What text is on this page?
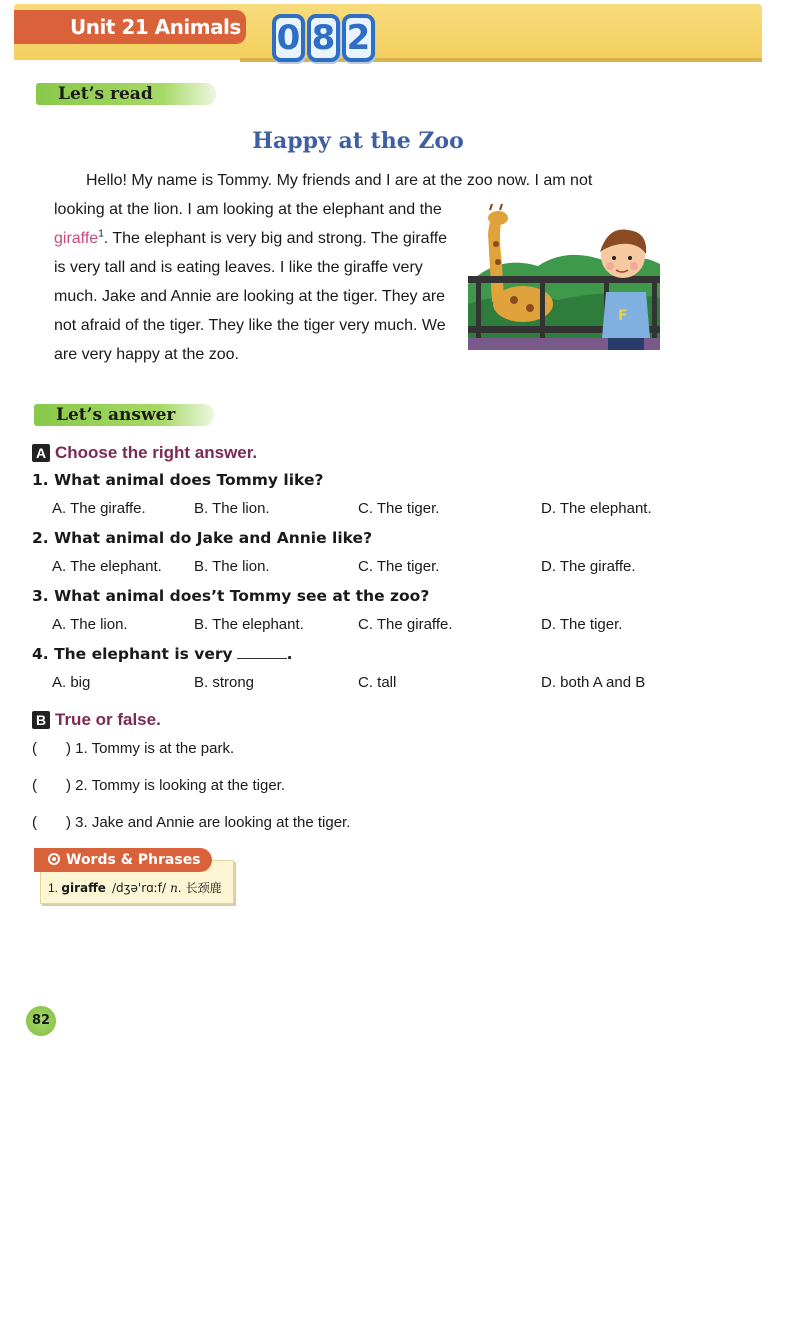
Unit 21 Animals 0 8 2
Let’s read
Happy at the Zoo

Hello! My name is Tommy. My friends and I are at the zoo now. I am not

looking at the lion. I am looking at the elephant and the giraffe$^1$. The elephant is very big and strong. The giraffe is very tall and is eating leaves. I like the giraffe very much. Jake and Annie are looking at the tiger. They are not afraid of the tiger. They like the tiger very much. We are very happy at the zoo.

F
Let’s answer
A Choose the right answer.
1. What animal does Tommy like?
A. The giraffe.	B. The lion.	C. The tiger.	D. The elephant.
2. What animal do Jake and Annie like?
A. The elephant. B. The lion.	C. The tiger.	D. The giraffe.
3. What animal does’t Tommy see at the zoo?
A. The lion.	B. The elephant.	C. The giraffe.	D. The tiger.
4. The elephant is very	.
A. big	B. strong	C. tall	D. both A and B
B True or false.
( ) 1. Tommy is at the park.
( ) 2. Tommy is looking at the tiger.
( ) 3. Jake and Annie are looking at the tiger.
Words & Phrases
1. giraffe /dʒə'rɑːf/ n. 长颈鹿
82
